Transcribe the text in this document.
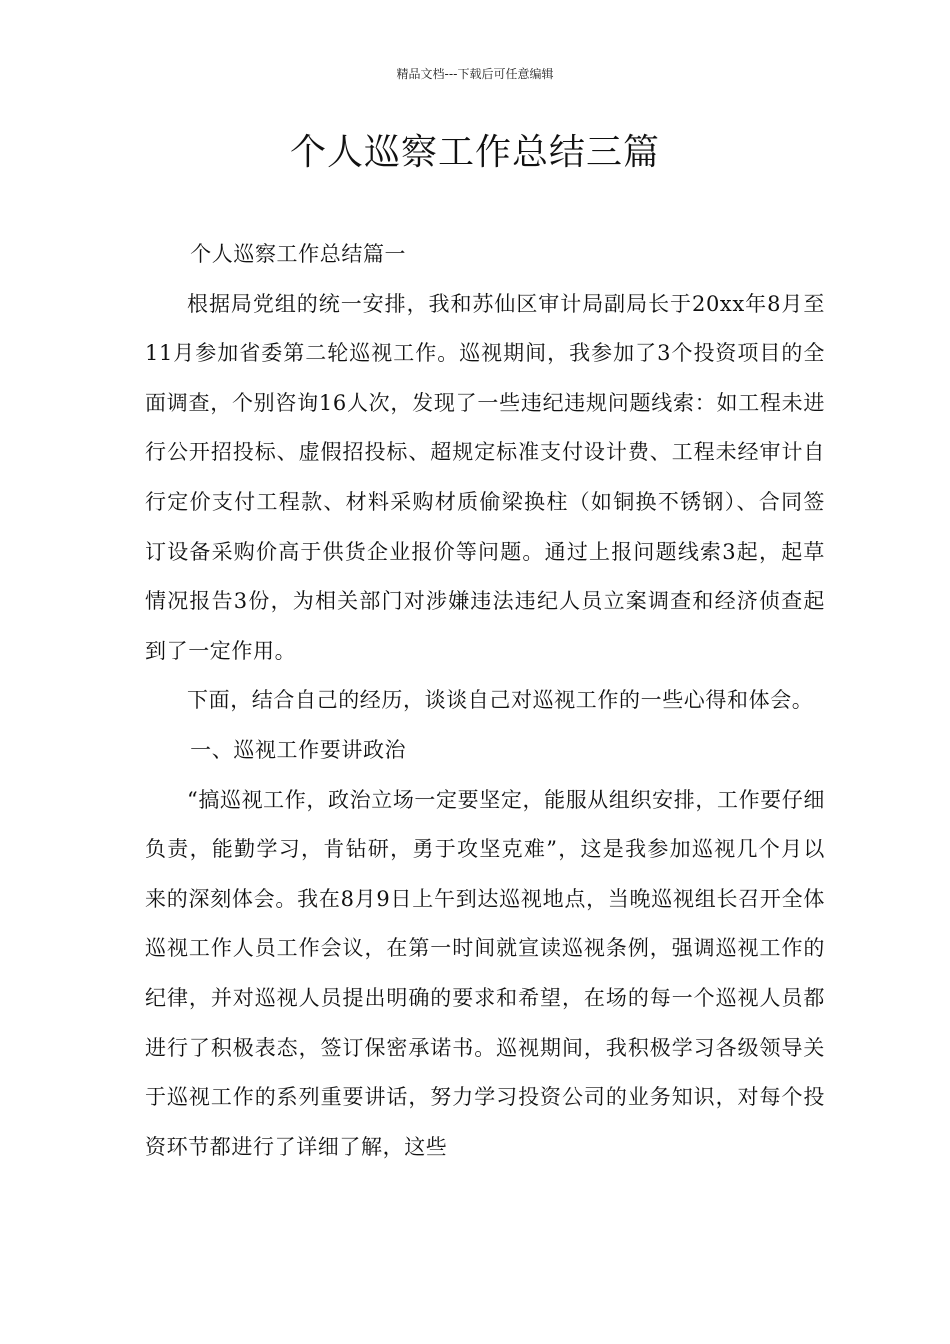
精品文档---下载后可任意编辑
个人巡察工作总结三篇

个人巡察工作总结篇一

根据局党组的统一安排，我和苏仙区审计局副局长于20xx年8月至11月参加省委第二轮巡视工作。巡视期间，我参加了3个投资项目的全面调查，个别咨询16人次，发现了一些违纪违规问题线索：如工程未进行公开招投标、虚假招投标、超规定标准支付设计费、工程未经审计自行定价支付工程款、材料采购材质偷梁换柱（如铜换不锈钢）、合同签订设备采购价高于供货企业报价等问题。通过上报问题线索3起，起草情况报告3份，为相关部门对涉嫌违法违纪人员立案调查和经济侦查起到了一定作用。

下面，结合自己的经历，谈谈自己对巡视工作的一些心得和体会。

一、巡视工作要讲政治

“搞巡视工作，政治立场一定要坚定，能服从组织安排，工作要仔细负责，能勤学习，肯钻研，勇于攻坚克难”，这是我参加巡视几个月以来的深刻体会。我在8月9日上午到达巡视地点，当晚巡视组长召开全体巡视工作人员工作会议，在第一时间就宣读巡视条例，强调巡视工作的纪律，并对巡视人员提出明确的要求和希望，在场的每一个巡视人员都进行了积极表态，签订保密承诺书。巡视期间，我积极学习各级领导关于巡视工作的系列重要讲话，努力学习投资公司的业务知识，对每个投资环节都进行了详细了解，这些
